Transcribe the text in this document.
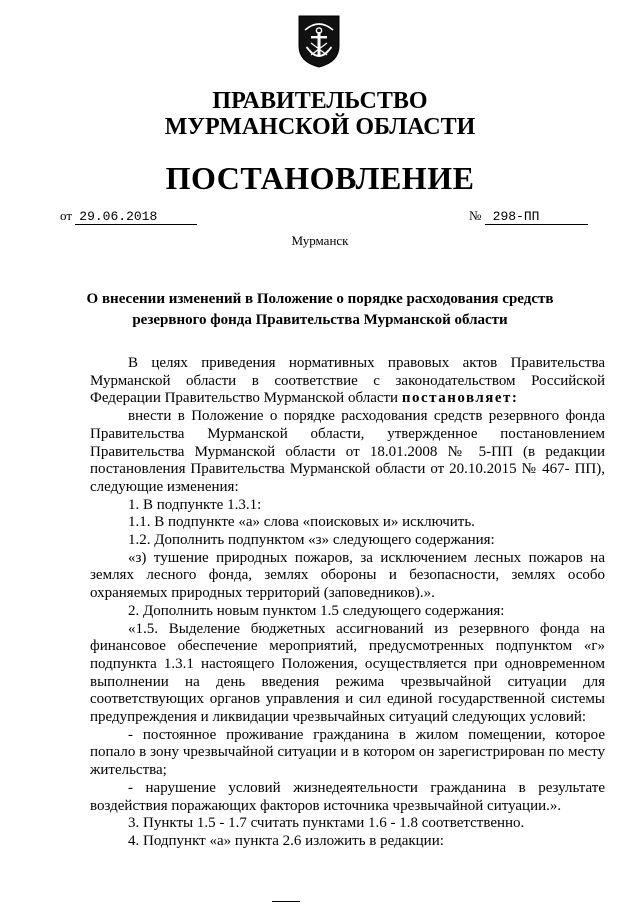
ПРАВИТЕЛЬСТВО
МУРМАНСКОЙ ОБЛАСТИ
ПОСТАНОВЛЕНИЕ
от 29.06.2018	№ 298-ПП
Мурманск
О внесении изменений в Положение о порядке расходования средств
резервного фонда Правительства Мурманской области

В целях приведения нормативных правовых актов Правительства Мурманской области в соответствие с законодательством Российской Федерации Правительство Мурманской области постановляет:

внести в Положение о порядке расходования средств резервного фонда Правительства Мурманской области, утвержденное постановлением Правительства Мурманской области от 18.01.2008 № 5-ПП (в редакции постановления Правительства Мурманской области от 20.10.2015 № 467- ПП), следующие изменения:

1. В подпункте 1.3.1:

1.1. В подпункте «а» слова «поисковых и» исключить.

1.2. Дополнить подпунктом «з» следующего содержания:

«з) тушение природных пожаров, за исключением лесных пожаров на землях лесного фонда, землях обороны и безопасности, землях особо охраняемых природных территорий (заповедников).».

2. Дополнить новым пунктом 1.5 следующего содержания:

«1.5. Выделение бюджетных ассигнований из резервного фонда на финансовое обеспечение мероприятий, предусмотренных подпунктом «г» подпункта 1.3.1 настоящего Положения, осуществляется при одновременном выполнении на день введения режима чрезвычайной ситуации для соответствующих органов управления и сил единой государственной системы предупреждения и ликвидации чрезвычайных ситуаций следующих условий:

- постоянное проживание гражданина в жилом помещении, которое попало в зону чрезвычайной ситуации и в котором он зарегистрирован по месту жительства;

- нарушение условий жизнедеятельности гражданина в результате воздействия поражающих факторов источника чрезвычайной ситуации.».

3. Пункты 1.5 - 1.7 считать пунктами 1.6 - 1.8 соответственно.

4. Подпункт «а» пункта 2.6 изложить в редакции:
